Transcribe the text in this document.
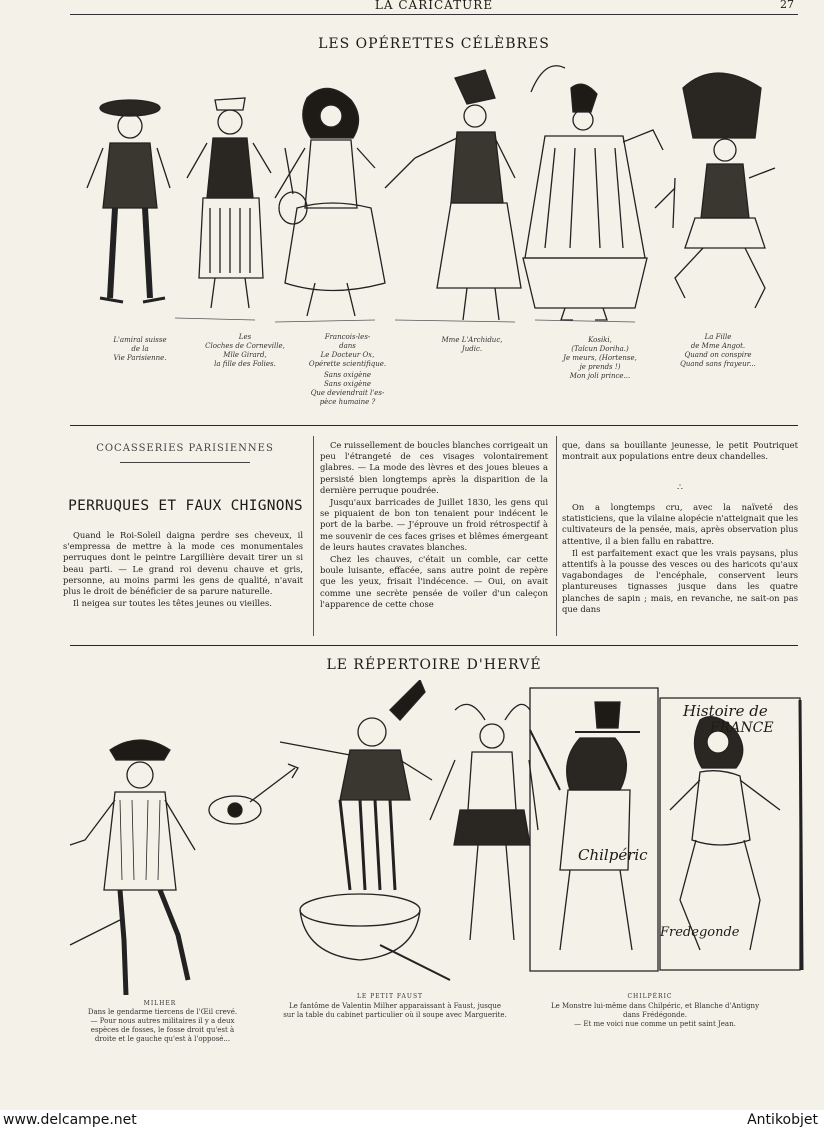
LA CARICATURE	27
LES OPÉRETTES CÉLÈBRES
L'amiral suisse
de la
Vie Parisienne.
Les
Cloches de Corneville,
Mlle Girard,
la fille des Folies.
Francois-les-
dans
Le Docteur Ox,
Opérette scientifique.
Sans oxigène
Sans oxigène
Que deviendrait l'es-
pèce humaine ?
Mme L'Archiduc,
Judic.
Kosiki,
(Taïcun Doriha.)
Je meurs, (Hortense,
je prends !)
Mon joli prince...
La Fille
de Mme Angot.
Quand on conspire
Quand sans frayeur...
COCASSERIES PARISIENNES
PERRUQUES ET FAUX CHIGNONS

Quand le Roi-Soleil daigna perdre ses cheveux, il s'empressa de mettre à la mode ces monumentales perruques dont le peintre Largillière devait tirer un si beau parti. — Le grand roi devenu chauve et gris, personne, au moins parmi les gens de qualité, n'avait plus le droit de bénéficier de sa parure naturelle.

Il neigea sur toutes les têtes jeunes ou vieilles.

Ce ruissellement de boucles blanches corrigeait un peu l'étrangeté de ces visages volontairement glabres. — La mode des lèvres et des joues bleues a persisté bien longtemps après la disparition de la dernière perruque poudrée.

Jusqu'aux barricades de Juillet 1830, les gens qui se piquaient de bon ton tenaient pour indécent le port de la barbe. — J'éprouve un froid rétrospectif à me souvenir de ces faces grises et blêmes émergeant de leurs hautes cravates blanches.

Chez les chauves, c'était un comble, car cette boule luisante, effacée, sans autre point de repère que les yeux, frisait l'indécence. — Oui, on avait comme une secrète pensée de voiler d'un caleçon l'apparence de cette chose

que, dans sa bouillante jeunesse, le petit Poutriquet montrait aux populations entre deux chandelles.

∴

On a longtemps cru, avec la naïveté des statisticiens, que la vilaine alopécie n'atteignait que les cultivateurs de la pensée, mais, après observation plus attentive, il a bien fallu en rabattre.

Il est parfaitement exact que les vrais paysans, plus attentifs à la pousse des vesces ou des haricots qu'aux vagabondages de l'encéphale, conservent leurs plantureuses tignasses jusque dans les quatre planches de sapin ; mais, en revanche, ne sait-on pas que dans

LE RÉPERTOIRE D'HERVÉ
Histoire de
FRANCE
Chilpéric
Fredegonde
MILHER
Dans le gendarme tiercens de l'Œil crevé.
— Pour nous autres militaires il y a deux
espèces de fosses, le fosse droit qu'est à
droite et le gauche qu'est à l'opposé...
LE PETIT FAUST
Le fantôme de Valentin Milher apparaissant à Faust, jusque
sur la table du cabinet particulier où il soupe avec Marguerite.
CHILPÉRIC
Le Monstre lui-même dans Chilpéric, et Blanche d'Antigny
dans Frédégonde.
— Et me voici nue comme un petit saint Jean.
www.delcampe.net	Antikobjet
